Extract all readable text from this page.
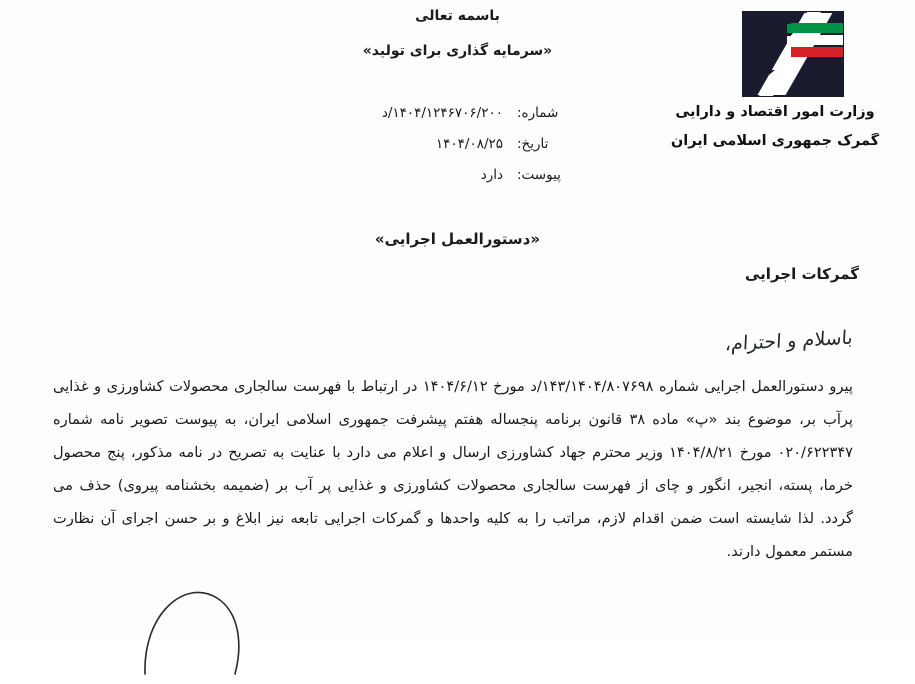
باسمه تعالی
«سرمایه گذاری برای تولید»
وزارت امور اقتصاد و دارایی
گمرک جمهوری اسلامی ایران
شماره:
۱۴۰۴/۱۲۴۶۷۰۶/۲۰۰/د
تاریخ:
۱۴۰۴/۰۸/۲۵
پیوست:
دارد
«دستورالعمل اجرایی»
گمرکات اجرایی
باسلام و احترام،

پیرو دستورالعمل اجرایی شماره ۱۴۳/۱۴۰۴/۸۰۷۶۹۸/د مورخ ۱۴۰۴/۶/۱۲ در ارتباط با فهرست سالجاری محصولات کشاورزی و غذایی پرآب بر، موضوع بند «پ» ماده ۳۸ قانون برنامه پنجساله هفتم پیشرفت جمهوری اسلامی ایران، به پیوست تصویر نامه شماره ۰۲۰/۶۲۲۳۴۷ مورخ ۱۴۰۴/۸/۲۱ وزیر محترم جهاد کشاورزی ارسال و اعلام می دارد با عنایت به تصریح در نامه مذکور، پنج محصول خرما، پسته، انجیر، انگور و چای از فهرست سالجاری محصولات کشاورزی و غذایی پر آب بر (ضمیمه بخشنامه پیروی) حذف می گردد. لذا شایسته است ضمن اقدام لازم، مراتب را به کلیه واحدها و گمرکات اجرایی تابعه نیز ابلاغ و بر حسن اجرای آن نظارت مستمر معمول دارند.
